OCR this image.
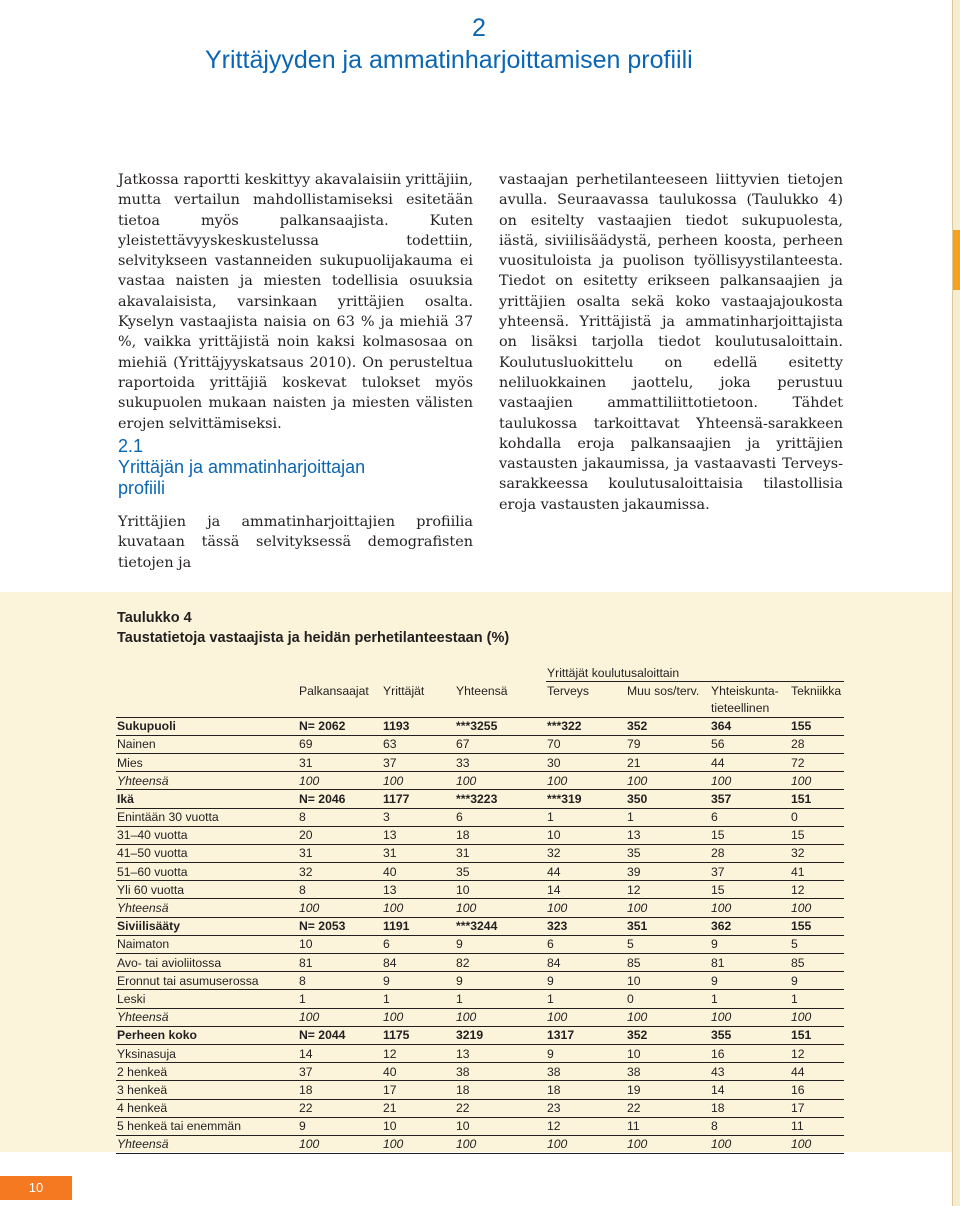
2
Yrittäjyyden ja ammatinharjoittamisen profiili

Jatkossa raportti keskittyy akavalaisiin yrittäjiin, mutta vertailun mahdollistamiseksi esitetään tietoa myös palkansaajista. Kuten yleistettävyyskeskustelussa todettiin, selvitykseen vastanneiden sukupuolijakauma ei vastaa naisten ja miesten todellisia osuuksia akavalaisista, varsinkaan yrittäjien osalta. Kyselyn vastaajista naisia on 63 % ja miehiä 37 %, vaikka yrittäjistä noin kaksi kolmasosaa on miehiä (Yrittäjyyskatsaus 2010). On perusteltua raportoida yrittäjiä koskevat tulokset myös sukupuolen mukaan naisten ja miesten välisten erojen selvittämiseksi.

2.1
Yrittäjän ja ammatinharjoittajan
profiili

Yrittäjien ja ammatinharjoittajien profiilia kuvataan tässä selvityksessä demografisten tietojen ja

vastaajan perhetilanteeseen liittyvien tietojen avulla. Seuraavassa taulukossa (Taulukko 4) on esitelty vastaajien tiedot sukupuolesta, iästä, siviilisäädystä, perheen koosta, perheen vuosituloista ja puolison työllisyystilanteesta. Tiedot on esitetty erikseen palkansaajien ja yrittäjien osalta sekä koko vastaajajoukosta yhteensä. Yrittäjistä ja ammatinharjoittajista on lisäksi tarjolla tiedot koulutusaloittain. Koulutusluokittelu on edellä esitetty neliluokkainen jaottelu, joka perustuu vastaajien ammattiliittotietoon. Tähdet taulukossa tarkoittavat Yhteensä-sarakkeen kohdalla eroja palkansaajien ja yrittäjien vastausten jakaumissa, ja vastaavasti Terveys-sarakkeessa koulutusaloittaisia tilastollisia eroja vastausten jakaumissa.

Taulukko 4
Taustatietoja vastaajista ja heidän perhetilanteestaan (%)
				Yrittäjät koulutusaloittain			
	Palkansaajat	Yrittäjät	Yhteensä	Terveys	Muu sos/terv.	Yhteiskunta-	Tekniikka
						tieteellinen	
Sukupuoli	N= 2062	1193	***3255	***322	352	364	155
Nainen	69	63	67	70	79	56	28
Mies	31	37	33	30	21	44	72
Yhteensä	100	100	100	100	100	100	100
Ikä	N= 2046	1177	***3223	***319	350	357	151
Enintään 30 vuotta	8	3	6	1	1	6	0
31–40 vuotta	20	13	18	10	13	15	15
41–50 vuotta	31	31	31	32	35	28	32
51–60 vuotta	32	40	35	44	39	37	41
Yli 60 vuotta	8	13	10	14	12	15	12
Yhteensä	100	100	100	100	100	100	100
Siviilisääty	N= 2053	1191	***3244	323	351	362	155
Naimaton	10	6	9	6	5	9	5
Avo- tai avioliitossa	81	84	82	84	85	81	85
Eronnut tai asumuserossa	8	9	9	9	10	9	9
Leski	1	1	1	1	0	1	1
Yhteensä	100	100	100	100	100	100	100
Perheen koko	N= 2044	1175	3219	1317	352	355	151
Yksinasuja	14	12	13	9	10	16	12
2 henkeä	37	40	38	38	38	43	44
3 henkeä	18	17	18	18	19	14	16
4 henkeä	22	21	22	23	22	18	17
5 henkeä tai enemmän	9	10	10	12	11	8	11
Yhteensä	100	100	100	100	100	100	100
10
